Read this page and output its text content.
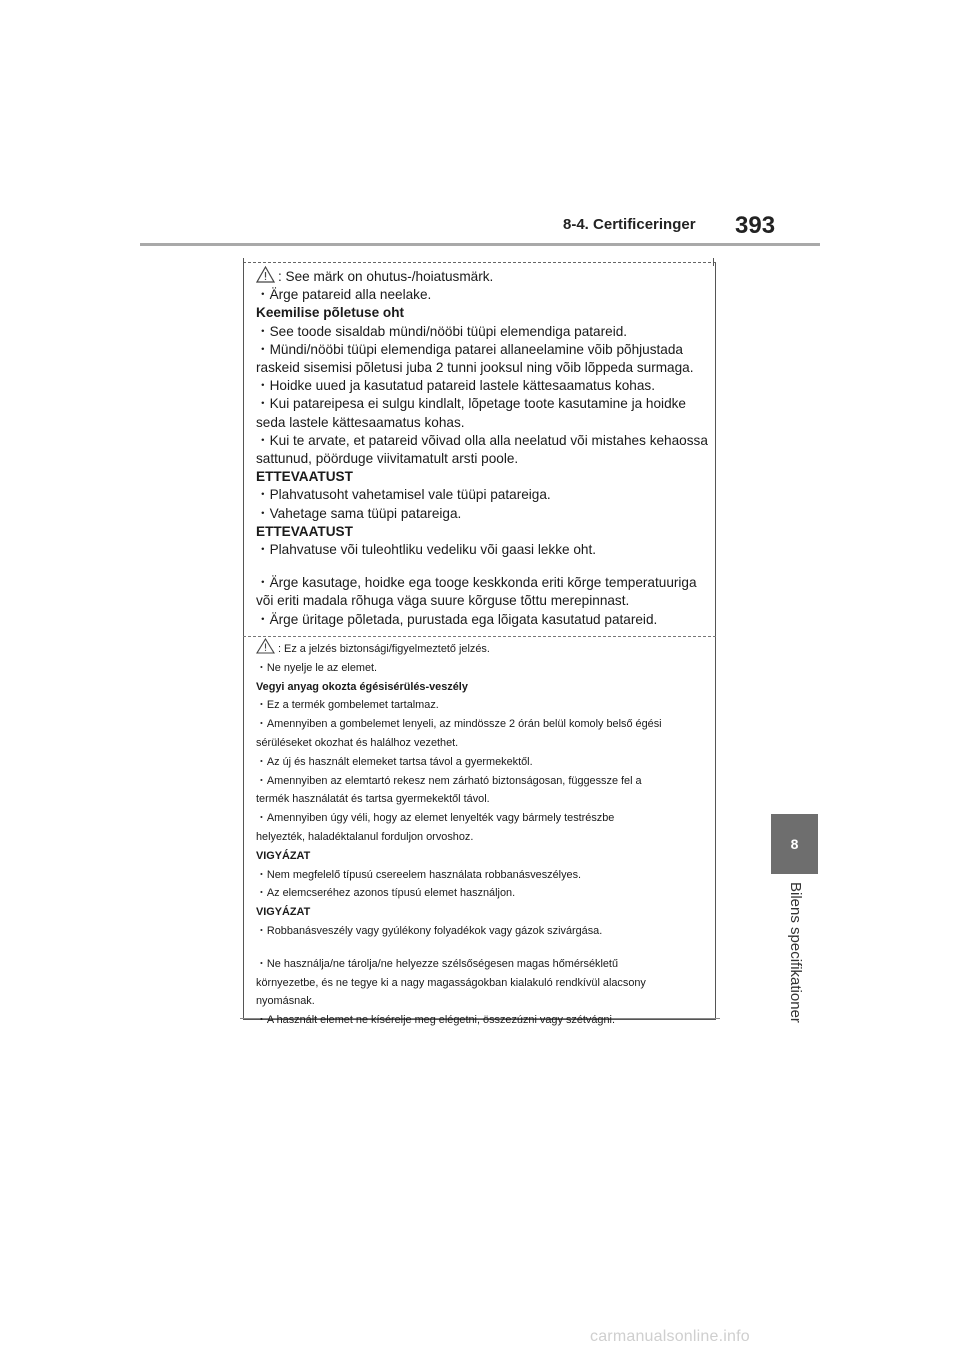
8-4. Certificeringer 393
8
Bilens specifikationer
: See märk on ohutus-/hoiatusmärk.
・Ärge patareid alla neelake.
Keemilise põletuse oht
・See toode sisaldab mündi/nööbi tüüpi elemendiga patareid.
・Mündi/nööbi tüüpi elemendiga patarei allaneelamine võib põhjustada
raskeid sisemisi põletusi juba 2 tunni jooksul ning võib lõppeda surmaga.
・Hoidke uued ja kasutatud patareid lastele kättesaamatus kohas.
・Kui patareipesa ei sulgu kindlalt, lõpetage toote kasutamine ja hoidke
seda lastele kättesaamatus kohas.
・Kui te arvate, et patareid võivad olla alla neelatud või mistahes kehaossa
sattunud, pöörduge viivitamatult arsti poole.
ETTEVAATUST
・Plahvatusoht vahetamisel vale tüüpi patareiga.
・Vahetage sama tüüpi patareiga.
ETTEVAATUST
・Plahvatuse või tuleohtliku vedeliku või gaasi lekke oht.
・Ärge kasutage, hoidke ega tooge keskkonda eriti kõrge temperatuuriga
või eriti madala rõhuga väga suure kõrguse tõttu merepinnast.
・Ärge üritage põletada, purustada ega lõigata kasutatud patareid.
: Ez a jelzés biztonsági/figyelmeztető jelzés.
・Ne nyelje le az elemet.
Vegyi anyag okozta égésisérülés-veszély
・Ez a termék gombelemet tartalmaz.
・Amennyiben a gombelemet lenyeli, az mindössze 2 órán belül komoly belső égési
sérüléseket okozhat és halálhoz vezethet.
・Az új és használt elemeket tartsa távol a gyermekektől.
・Amennyiben az elemtartó rekesz nem zárható biztonságosan, függessze fel a
termék használatát és tartsa gyermekektől távol.
・Amennyiben úgy véli, hogy az elemet lenyelték vagy bármely testrészbe
helyezték, haladéktalanul forduljon orvoshoz.
VIGYÁZAT
・Nem megfelelő típusú csereelem használata robbanásveszélyes.
・Az elemcseréhez azonos típusú elemet használjon.
VIGYÁZAT
・Robbanásveszély vagy gyúlékony folyadékok vagy gázok szivárgása.
・Ne használja/ne tárolja/ne helyezze szélsőségesen magas hőmérsékletű
környezetbe, és ne tegye ki a nagy magasságokban kialakuló rendkívül alacsony
nyomásnak.
・A használt elemet ne kísérelje meg elégetni, összezúzni vagy szétvágni.
carmanualsonline.info
